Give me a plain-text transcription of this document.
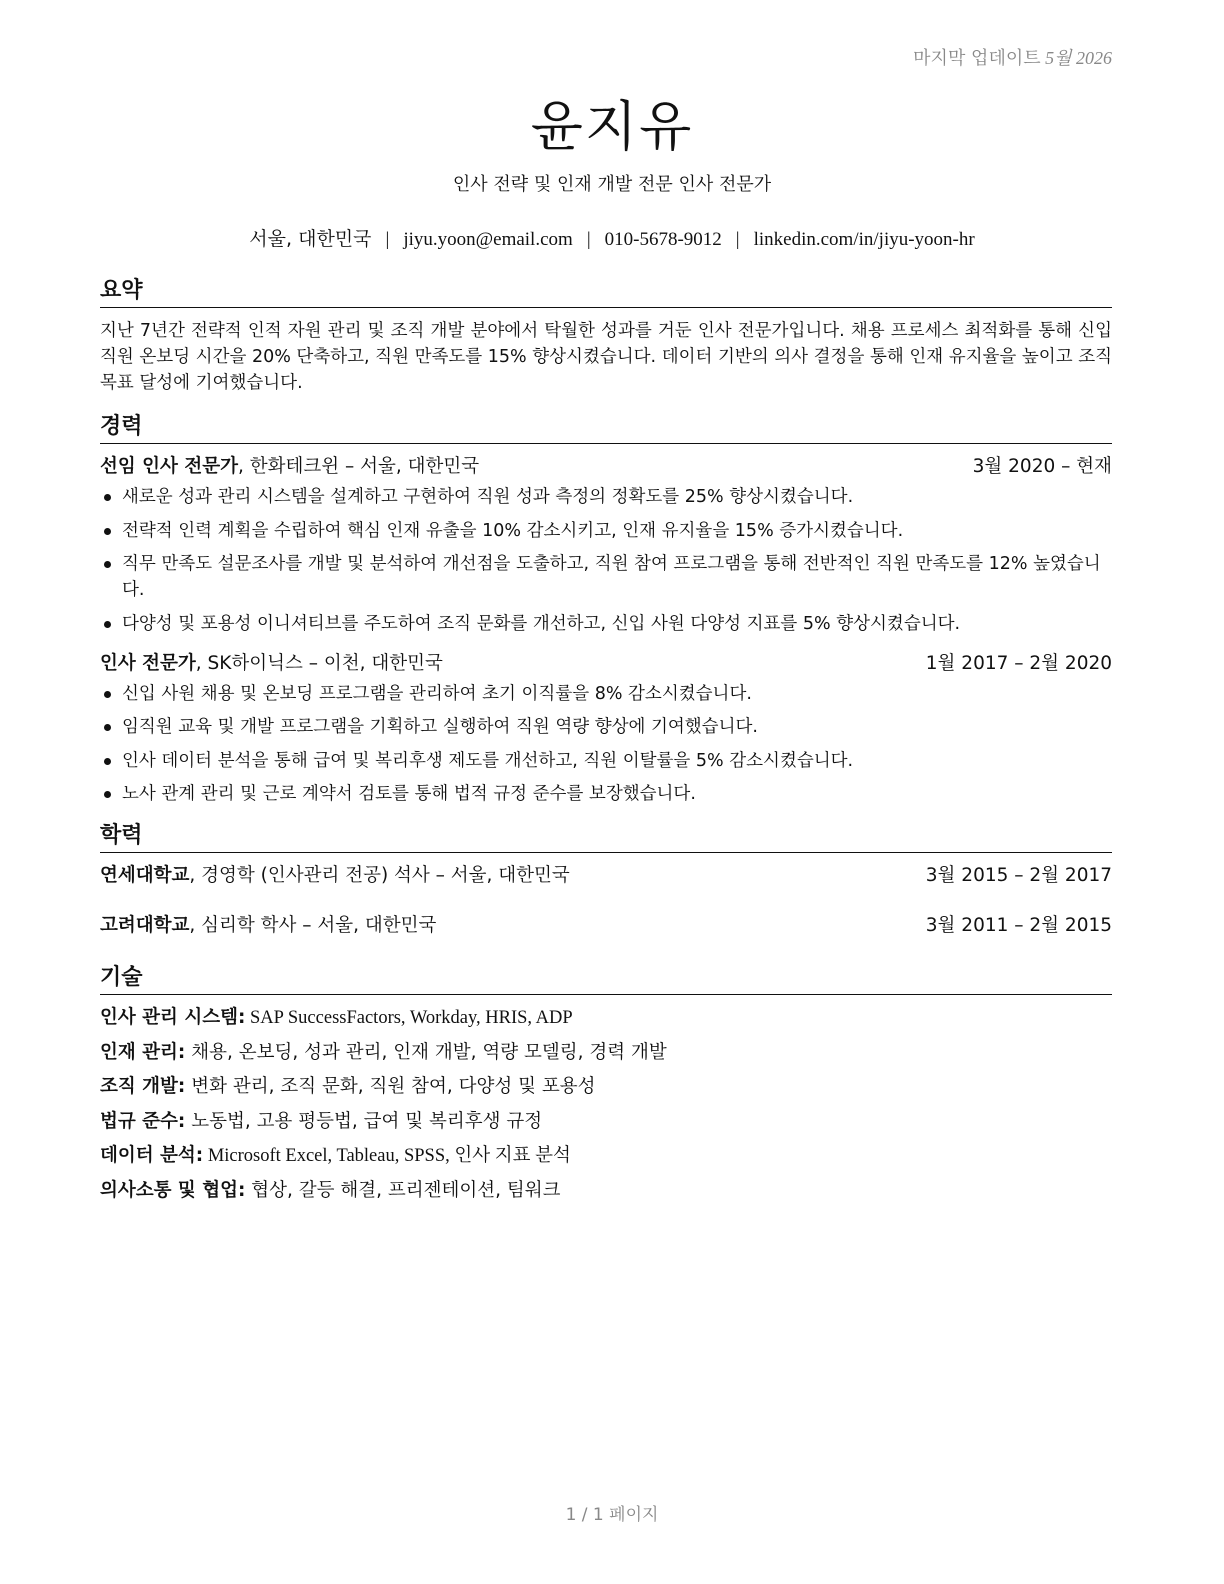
마지막 업데이트 5월 2026
윤지유
인사 전략 및 인재 개발 전문 인사 전문가
서울, 대한민국 | jiyu.yoon@email.com | 010-5678-9012 | linkedin.com/in/jiyu-yoon-hr
요약

지난 7년간 전략적 인적 자원 관리 및 조직 개발 분야에서 탁월한 성과를 거둔 인사 전문가입니다. 채용 프로세스 최적화를 통해 신입 직원 온보딩 시간을 20% 단축하고, 직원 만족도를 15% 향상시켰습니다. 데이터 기반의 의사 결정을 통해 인재 유지율을 높이고 조직 목표 달성에 기여했습니다.

경력
선임 인사 전문가, 한화테크윈 – 서울, 대한민국	3월 2020 – 현재
새로운 성과 관리 시스템을 설계하고 구현하여 직원 성과 측정의 정확도를 25% 향상시켰습니다.
전략적 인력 계획을 수립하여 핵심 인재 유출을 10% 감소시키고, 인재 유지율을 15% 증가시켰습니다.
직무 만족도 설문조사를 개발 및 분석하여 개선점을 도출하고, 직원 참여 프로그램을 통해 전반적인 직원 만족도를 12% 높였습니다.
다양성 및 포용성 이니셔티브를 주도하여 조직 문화를 개선하고, 신입 사원 다양성 지표를 5% 향상시켰습니다.
인사 전문가, SK하이닉스 – 이천, 대한민국	1월 2017 – 2월 2020
신입 사원 채용 및 온보딩 프로그램을 관리하여 초기 이직률을 8% 감소시켰습니다.
임직원 교육 및 개발 프로그램을 기획하고 실행하여 직원 역량 향상에 기여했습니다.
인사 데이터 분석을 통해 급여 및 복리후생 제도를 개선하고, 직원 이탈률을 5% 감소시켰습니다.
노사 관계 관리 및 근로 계약서 검토를 통해 법적 규정 준수를 보장했습니다.
학력
연세대학교, 경영학 (인사관리 전공) 석사 – 서울, 대한민국	3월 2015 – 2월 2017
고려대학교, 심리학 학사 – 서울, 대한민국	3월 2011 – 2월 2015
기술
인사 관리 시스템: SAP SuccessFactors, Workday, HRIS, ADP
인재 관리: 채용, 온보딩, 성과 관리, 인재 개발, 역량 모델링, 경력 개발
조직 개발: 변화 관리, 조직 문화, 직원 참여, 다양성 및 포용성
법규 준수: 노동법, 고용 평등법, 급여 및 복리후생 규정
데이터 분석: Microsoft Excel, Tableau, SPSS, 인사 지표 분석
의사소통 및 협업: 협상, 갈등 해결, 프리젠테이션, 팀워크
1 / 1 페이지
